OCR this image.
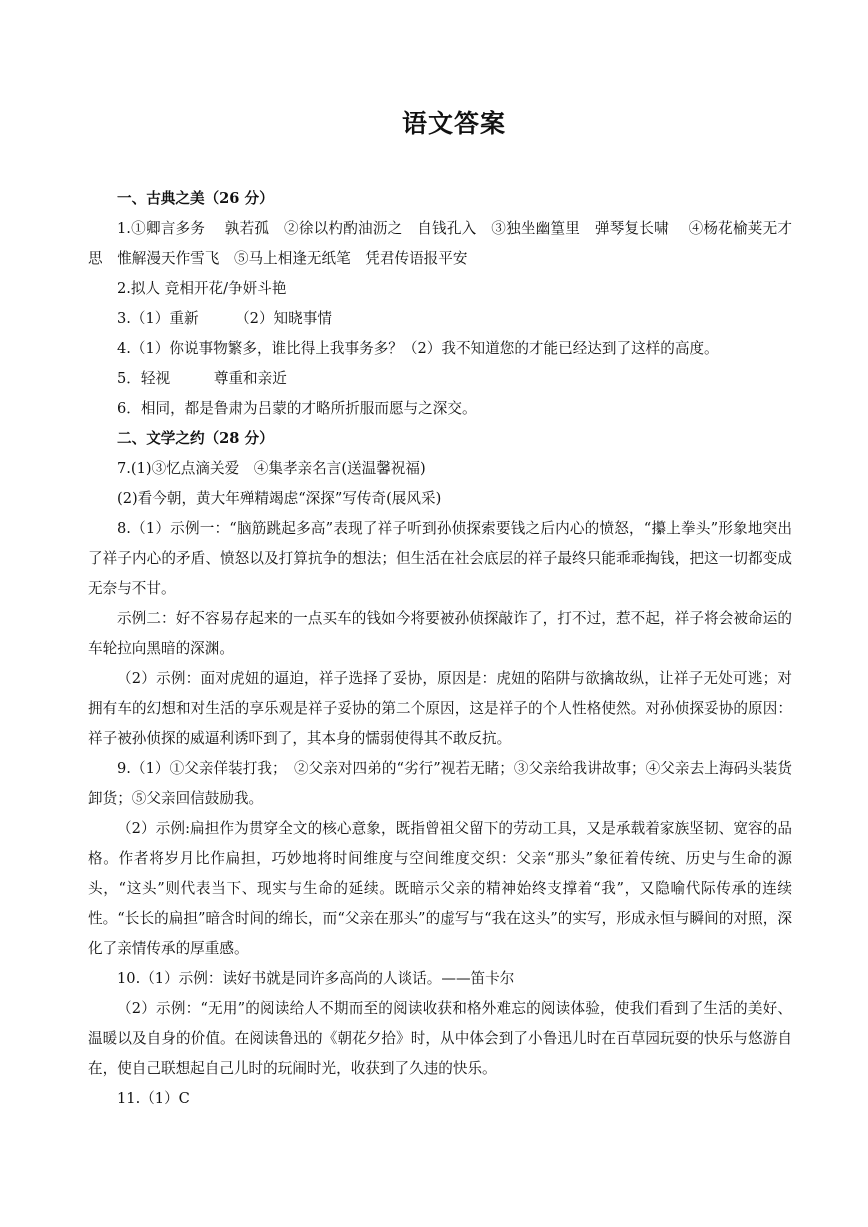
语文答案

一、古典之美（26 分）

1.①卿言多务　 孰若孤　②徐以杓酌油沥之　自钱孔入　③独坐幽篁里　弹琴复长啸　 ④杨花榆荚无才思　惟解漫天作雪飞　⑤马上相逢无纸笔　凭君传语报平安

2.拟人 竞相开花/争妍斗艳

3.（1）重新　　　（2）知晓事情

4.（1）你说事物繁多，谁比得上我事务多？（2）我不知道您的才能已经达到了这样的高度。

5．轻视　　　尊重和亲近

6．相同，都是鲁肃为吕蒙的才略所折服而愿与之深交。

二、文学之约（28 分）

7.(1)③忆点滴关爱　④集孝亲名言(送温馨祝福)

(2)看今朝，黄大年殚精竭虑“深探”写传奇(展风采)

8.（1）示例一：“脑筋跳起多高”表现了祥子听到孙侦探索要钱之后内心的愤怒，“攥上拳头”形象地突出了祥子内心的矛盾、愤怒以及打算抗争的想法；但生活在社会底层的祥子最终只能乖乖掏钱，把这一切都变成无奈与不甘。

示例二：好不容易存起来的一点买车的钱如今将要被孙侦探敲诈了，打不过，惹不起，祥子将会被命运的车轮拉向黑暗的深渊。

（2）示例：面对虎妞的逼迫，祥子选择了妥协，原因是：虎妞的陷阱与欲擒故纵，让祥子无处可逃；对拥有车的幻想和对生活的享乐观是祥子妥协的第二个原因，这是祥子的个人性格使然。对孙侦探妥协的原因：祥子被孙侦探的威逼利诱吓到了，其本身的懦弱使得其不敢反抗。

9.（1）①父亲佯装打我；　②父亲对四弟的“劣行”视若无睹；③父亲给我讲故事；④父亲去上海码头装货卸货；⑤父亲回信鼓励我。

（2）示例:扁担作为贯穿全文的核心意象，既指曾祖父留下的劳动工具，又是承载着家族坚韧、宽容的品格。作者将岁月比作扁担，巧妙地将时间维度与空间维度交织：父亲“那头”象征着传统、历史与生命的源头，“这头”则代表当下、现实与生命的延续。既暗示父亲的精神始终支撑着“我”，又隐喻代际传承的连续性。“长长的扁担”暗含时间的绵长，而“父亲在那头”的虚写与“我在这头”的实写，形成永恒与瞬间的对照，深化了亲情传承的厚重感。

10.（1）示例：读好书就是同许多高尚的人谈话。——笛卡尔

（2）示例：“无用”的阅读给人不期而至的阅读收获和格外难忘的阅读体验，使我们看到了生活的美好、温暖以及自身的价值。在阅读鲁迅的《朝花夕拾》时，从中体会到了小鲁迅儿时在百草园玩耍的快乐与悠游自在，使自己联想起自己儿时的玩闹时光，收获到了久违的快乐。

11.（1）C
